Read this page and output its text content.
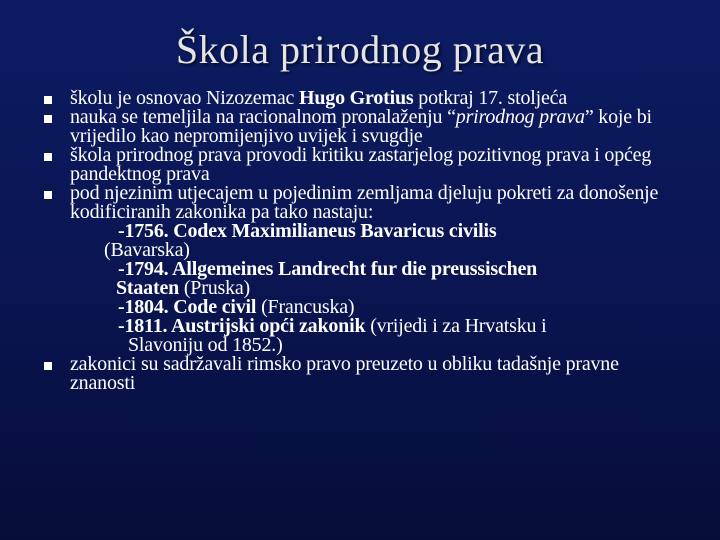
Škola prirodnog prava
školu je osnovao Nizozemac Hugo Grotius potkraj 17. stoljeća
nauka se temeljila na racionalnom pronalaženju “prirodnog prava” koje bi vrijedilo kao nepromijenjivo uvijek i svugdje
škola prirodnog prava provodi kritiku zastarjelog pozitivnog prava i općeg pandektnog prava
pod njezinim utjecajem u pojedinim zemljama djeluju pokreti za donošenje kodificiranih zakonika pa tako nastaju:
-1756. Codex Maximilianeus Bavaricus civilis
(Bavarska)
-1794. Allgemeines Landrecht fur die preussischen
Staaten (Pruska)
-1804. Code civil (Francuska)
-1811. Austrijski opći zakonik (vrijedi i za Hrvatsku i
Slavoniju od 1852.)
zakonici su sadržavali rimsko pravo preuzeto u obliku tadašnje pravne znanosti
